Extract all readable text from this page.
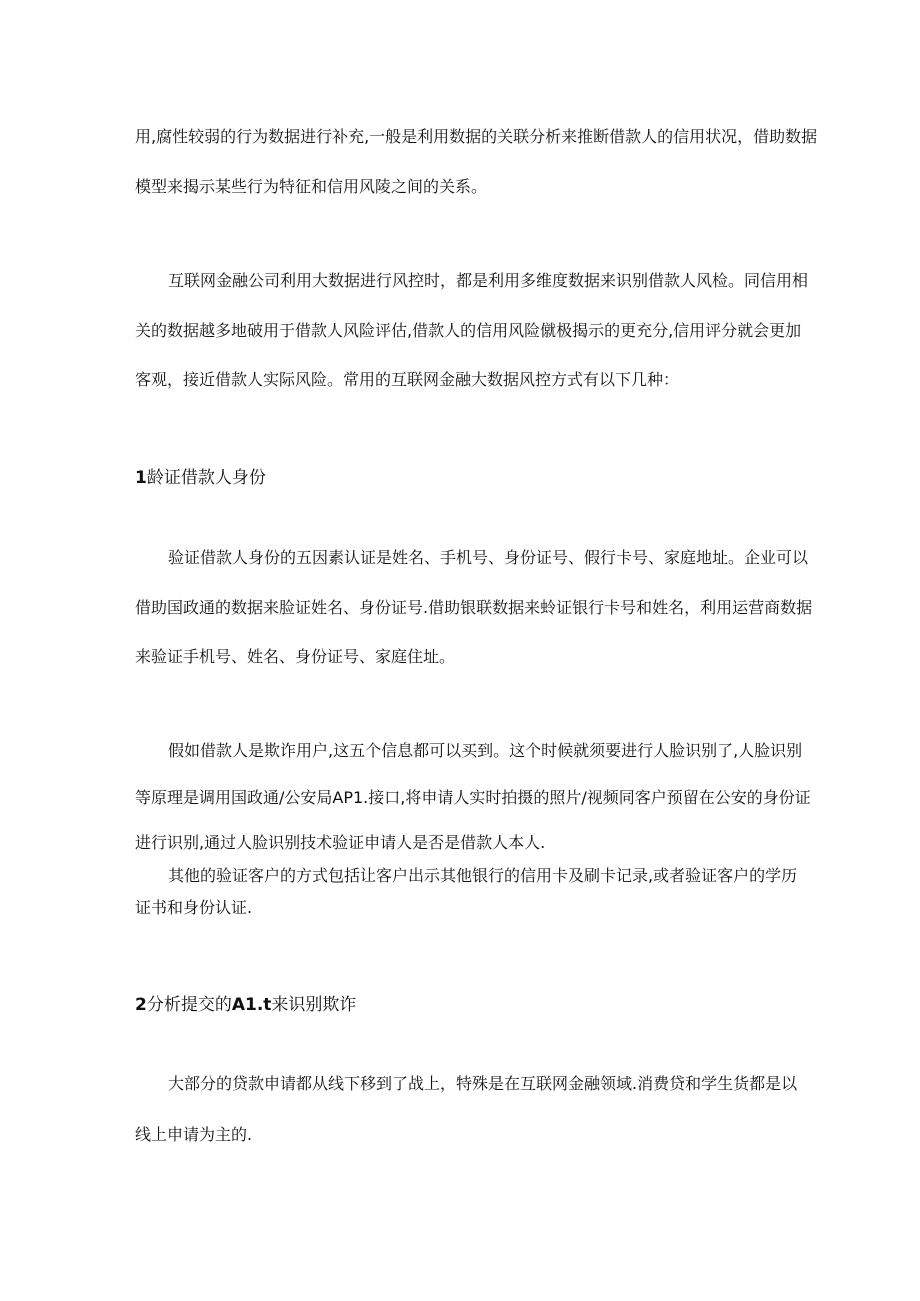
用,腐性较弱的行为数据进行补充,一般是利用数据的关联分析来推断借款人的信用状况，借助数据
模型来揭示某些行为特征和信用风陵之间的关系。
互联网金融公司利用大数据进行风控时，都是利用多维度数据来识别借款人风检。同信用相
关的数据越多地破用于借款人风险评估,借款人的信用风险僦极揭示的更充分,信用评分就会更加
客观，接近借款人实际风险。常用的互联网金融大数据风控方式有以下几种：
1龄证借款人身份
验证借款人身份的五因素认证是姓名、手机号、身份证号、假行卡号、家庭地址。企业可以
借助国政通的数据来脸证姓名、身份证号.借助银联数据来蛉证银行卡号和姓名，利用运营商数据
来验证手机号、姓名、身份证号、家庭住址。
假如借款人是欺诈用户,这五个信息都可以买到。这个时候就须要进行人脸识别了,人脸识别
等原理是调用国政通/公安局AP1.接口,将申请人实时拍摄的照片/视频同客户预留在公安的身份证
进行识别,通过人脸识别技术验证申请人是否是借款人本人.
其他的验证客户的方式包括让客户出示其他银行的信用卡及刷卡记录,或者验证客户的学历
证书和身份认证.
2分析提交的A1.t来识别欺诈
大部分的贷款申请都从线下移到了战上，特殊是在互联网金融领域.消费贷和学生货都是以
线上申请为主的.
